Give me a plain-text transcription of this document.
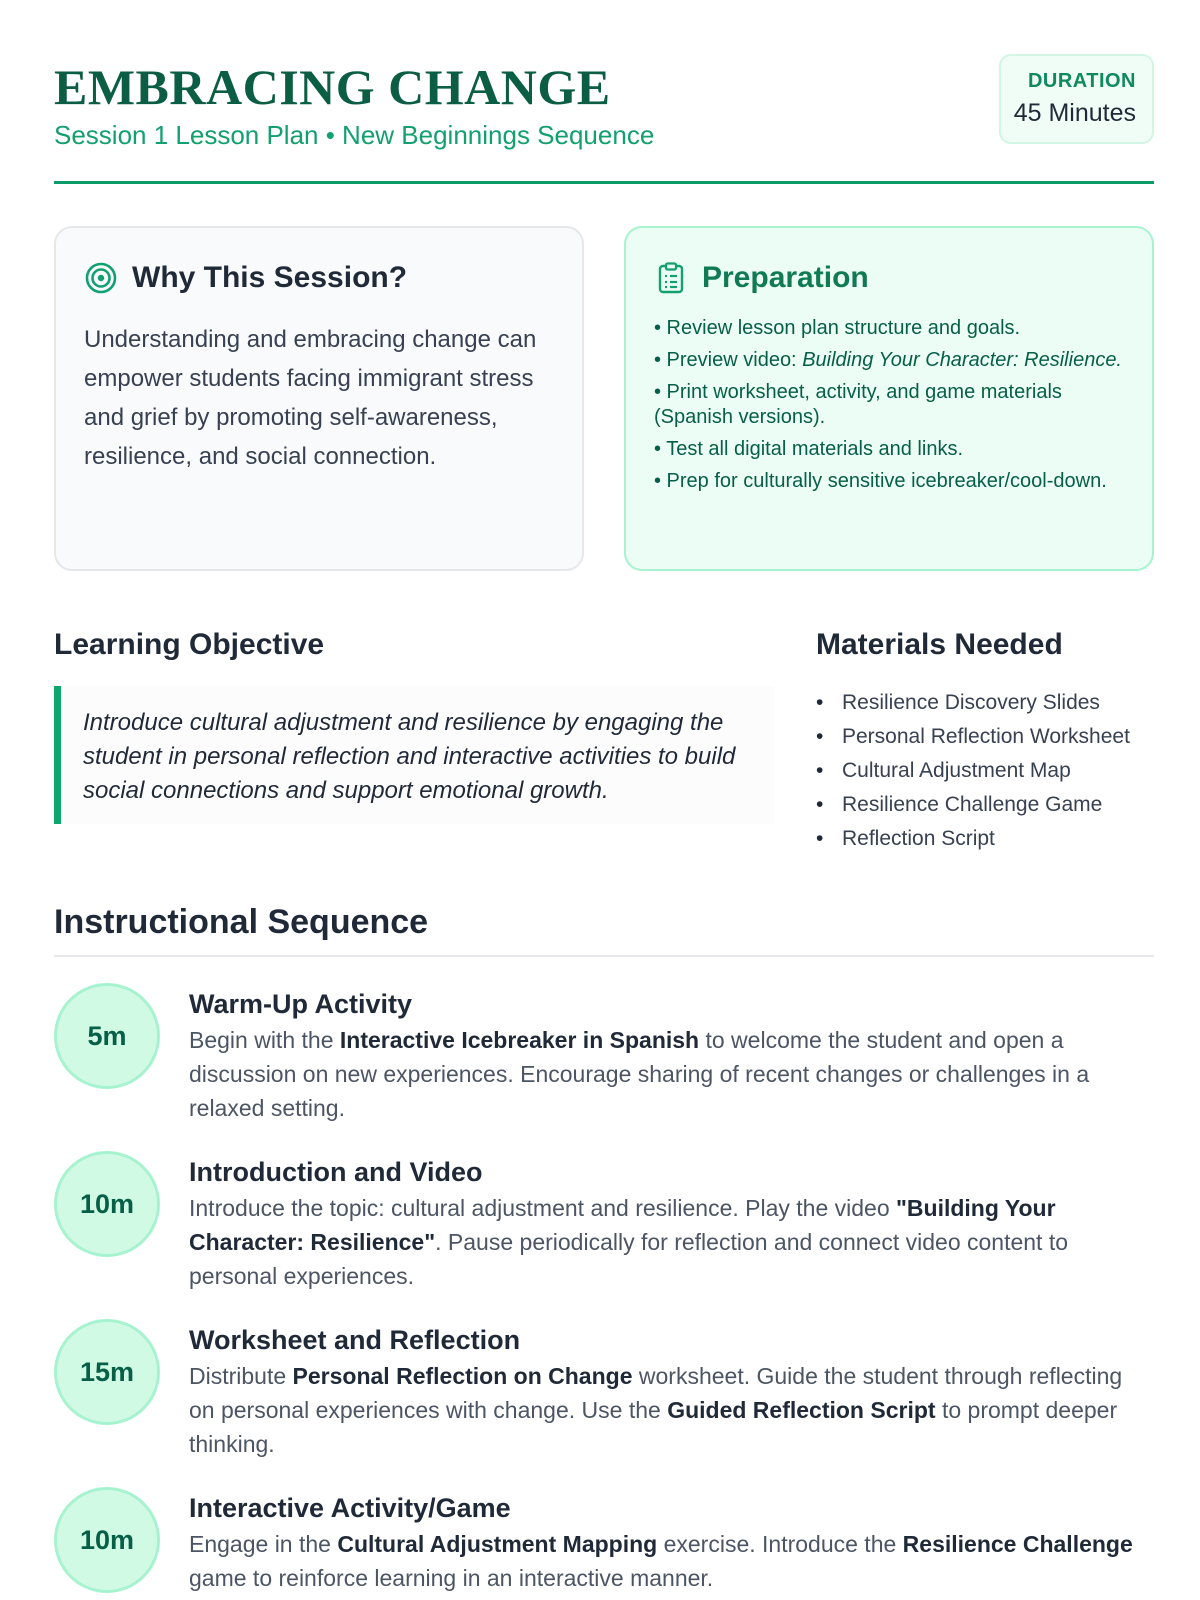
EMBRACING CHANGE
Session 1 Lesson Plan • New Beginnings Sequence
DURATION
45 Minutes
Why This Session?
Understanding and embracing change can empower students facing immigrant stress and grief by promoting self-awareness, resilience, and social connection.
Preparation
• Review lesson plan structure and goals.
• Preview video: Building Your Character: Resilience.
• Print worksheet, activity, and game materials (Spanish versions).
• Test all digital materials and links.
• Prep for culturally sensitive icebreaker/cool-down.
Learning Objective
Introduce cultural adjustment and resilience by engaging the student in personal reflection and interactive activities to build social connections and support emotional growth.
Materials Needed
• Resilience Discovery Slides
• Personal Reflection Worksheet
• Cultural Adjustment Map
• Resilience Challenge Game
• Reflection Script
Instructional Sequence
5m
Warm-Up Activity
Begin with the Interactive Icebreaker in Spanish to welcome the student and open a discussion on new experiences. Encourage sharing of recent changes or challenges in a relaxed setting.
10m
Introduction and Video
Introduce the topic: cultural adjustment and resilience. Play the video "Building Your Character: Resilience". Pause periodically for reflection and connect video content to personal experiences.
15m
Worksheet and Reflection
Distribute Personal Reflection on Change worksheet. Guide the student through reflecting on personal experiences with change. Use the Guided Reflection Script to prompt deeper thinking.
10m
Interactive Activity/Game
Engage in the Cultural Adjustment Mapping exercise. Introduce the Resilience Challenge game to reinforce learning in an interactive manner.
